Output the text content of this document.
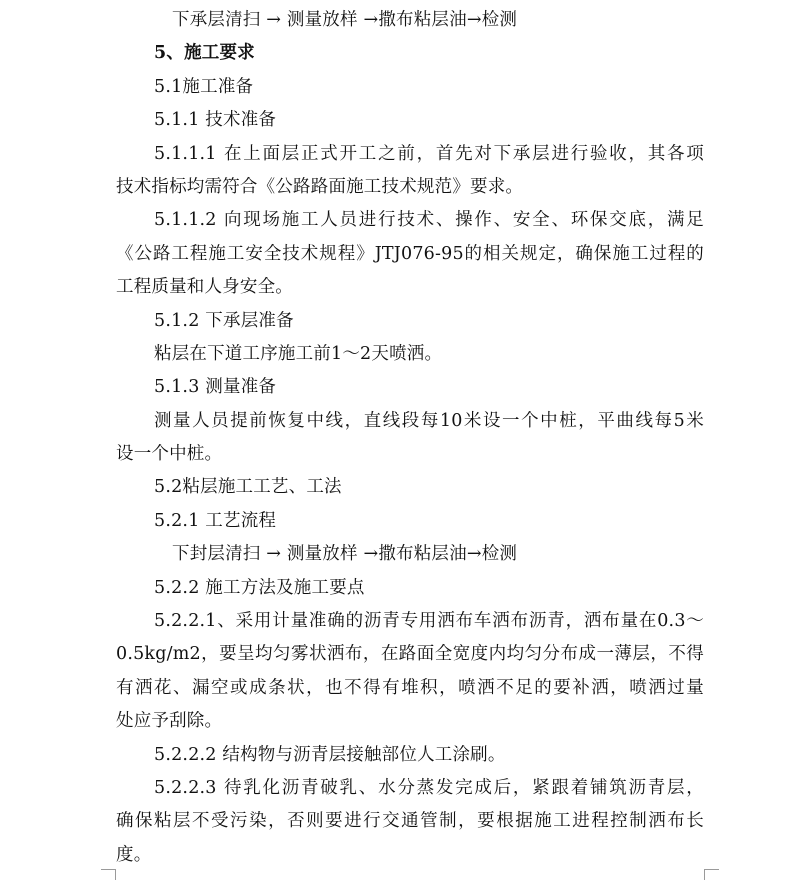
下承层清扫 → 测量放样 →撒布粘层油→检测
5、施工要求
5.1施工准备
5.1.1 技术准备
5.1.1.1 在上面层正式开工之前，首先对下承层进行验收，其各项
技术指标均需符合《公路路面施工技术规范》要求。
5.1.1.2 向现场施工人员进行技术、操作、安全、环保交底，满足
《公路工程施工安全技术规程》JTJ076-95的相关规定，确保施工过程的
工程质量和人身安全。
5.1.2 下承层准备
粘层在下道工序施工前1～2天喷洒。
5.1.3 测量准备
测量人员提前恢复中线，直线段每10米设一个中桩，平曲线每5米
设一个中桩。
5.2粘层施工工艺、工法
5.2.1 工艺流程
下封层清扫 → 测量放样 →撒布粘层油→检测
5.2.2 施工方法及施工要点
5.2.2.1、采用计量准确的沥青专用洒布车洒布沥青，洒布量在0.3～
0.5kg/m2，要呈均匀雾状洒布，在路面全宽度内均匀分布成一薄层，不得
有洒花、漏空或成条状，也不得有堆积，喷洒不足的要补洒，喷洒过量
处应予刮除。
5.2.2.2 结构物与沥青层接触部位人工涂刷。
5.2.2.3 待乳化沥青破乳、水分蒸发完成后，紧跟着铺筑沥青层，
确保粘层不受污染，否则要进行交通管制，要根据施工进程控制洒布长
度。
